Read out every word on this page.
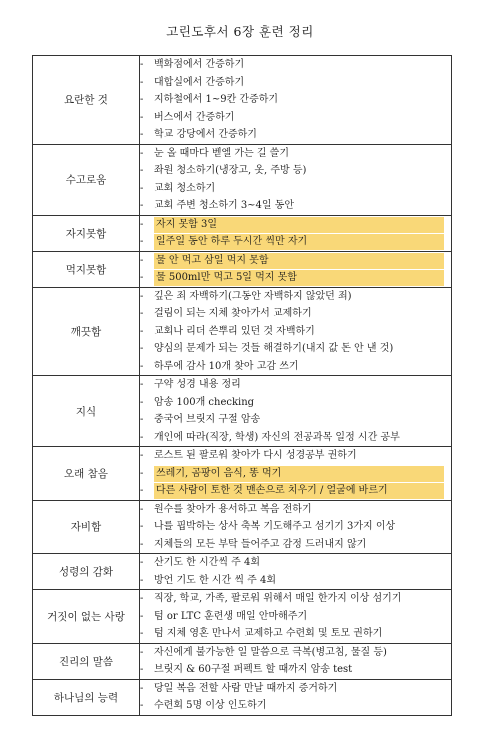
고린도후서 6장 훈련 정리
요란한 것	- 백화점에서 간증하기
- 대합실에서 간증하기
- 지하철에서 1~9칸 간증하기
- 버스에서 간증하기
- 학교 강당에서 간증하기

수고로움	- 눈 올 때마다 벧엘 가는 길 쓸기
- 좌원 청소하기(냉장고, 옷, 주방 등)
- 교회 청소하기
- 교회 주변 청소하기 3~4일 동안

자지못함	- 자지 못함 3일
- 일주일 동안 하루 두시간 씩만 자기

먹지못함	- 물 안 먹고 삼일 먹지 못함
- 물 500ml만 먹고 5일 먹지 못함

깨끗함	- 깊은 죄 자백하기(그동안 자백하지 않았던 죄)
- 걸림이 되는 지체 찾아가서 교제하기
- 교회나 리더 쓴뿌리 있던 것 자백하기
- 양심의 문제가 되는 것들 해결하기(내지 값 돈 안 낸 것)
- 하루에 감사 10개 찾아 고감 쓰기

지식	- 구약 성경 내용 정리
- 암송 100개 checking
- 중국어 브릿지 구절 암송
- 개인에 따라(직장, 학생) 자신의 전공과목 일정 시간 공부

오래 참음	- 로스트 된 팔로워 찾아가 다시 성경공부 권하기
- 쓰레기, 곰팡이 음식, 똥 먹기
- 다른 사람이 토한 것 맨손으로 치우기 / 얼굴에 바르기

자비함	- 원수를 찾아가 용서하고 복음 전하기
- 나를 핍박하는 상사 축복 기도해주고 섬기기 3가지 이상
- 지체들의 모든 부탁 들어주고 감정 드러내지 않기

성령의 감화	- 산기도 한 시간씩 주 4회
- 방언 기도 한 시간 씩 주 4회

거짓이 없는 사랑	- 직장, 학교, 가족, 팔로워 위해서 매일 한가지 이상 섬기기
- 텀 or LTC 훈련생 매일 안마해주기
- 텀 지체 영혼 만나서 교제하고 수련회 및 토모 권하기

진리의 말씀	- 자신에게 불가능한 일 말씀으로 극복(병고침, 물질 등)
- 브릿지 & 60구절 퍼펙트 할 때까지 암송 test

하나님의 능력	- 당일 복음 전할 사람 만날 때까지 증거하기
- 수련회 5명 이상 인도하기
